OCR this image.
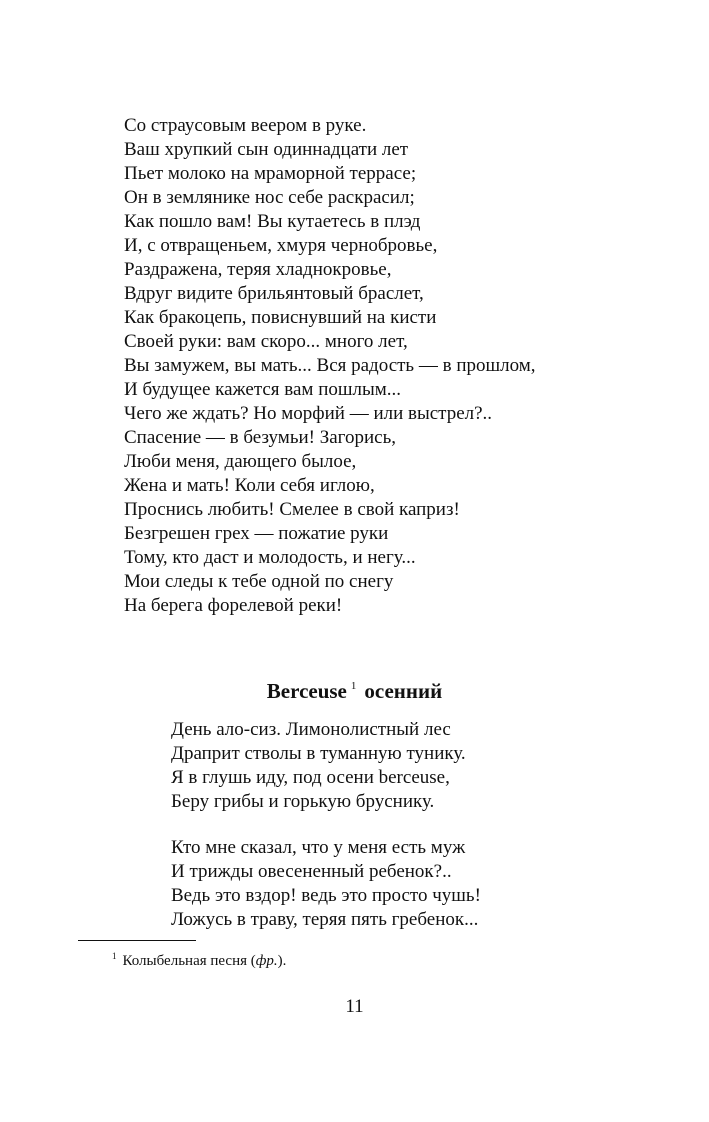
Со страусовым веером в руке.
Ваш хрупкий сын одиннадцати лет
Пьет молоко на мраморной террасе;
Он в землянике нос себе раскрасил;
Как пошло вам! Вы кутаетесь в плэд
И, с отвращеньем, хмуря чернобровье,
Раздражена, теряя хладнокровье,
Вдруг видите брильянтовый браслет,
Как бракоцепь, повиснувший на кисти
Своей руки: вам скоро... много лет,
Вы замужем, вы мать... Вся радость — в прошлом,
И будущее кажется вам пошлым...
Чего же ждать? Но морфий — или выстрел?..
Спасение — в безумьи! Загорись,
Люби меня, дающего былое,
Жена и мать! Коли себя иглою,
Проснись любить! Смелее в свой каприз!
Безгрешен грех — пожатие руки
Тому, кто даст и молодость, и негу...
Мои следы к тебе одной по снегу
На берега форелевой реки!
Berceuse $^1$ осенний
День ало-сиз. Лимонолистный лес
Драприт стволы в туманную тунику.
Я в глушь иду, под осени berceuse,
Беру грибы и горькую бруснику.
Кто мне сказал, что у меня есть муж
И трижды овесененный ребенок?..
Ведь это вздор! ведь это просто чушь!
Ложусь в траву, теряя пять гребенок...
$^1$ Колыбельная песня (фр.).
11
